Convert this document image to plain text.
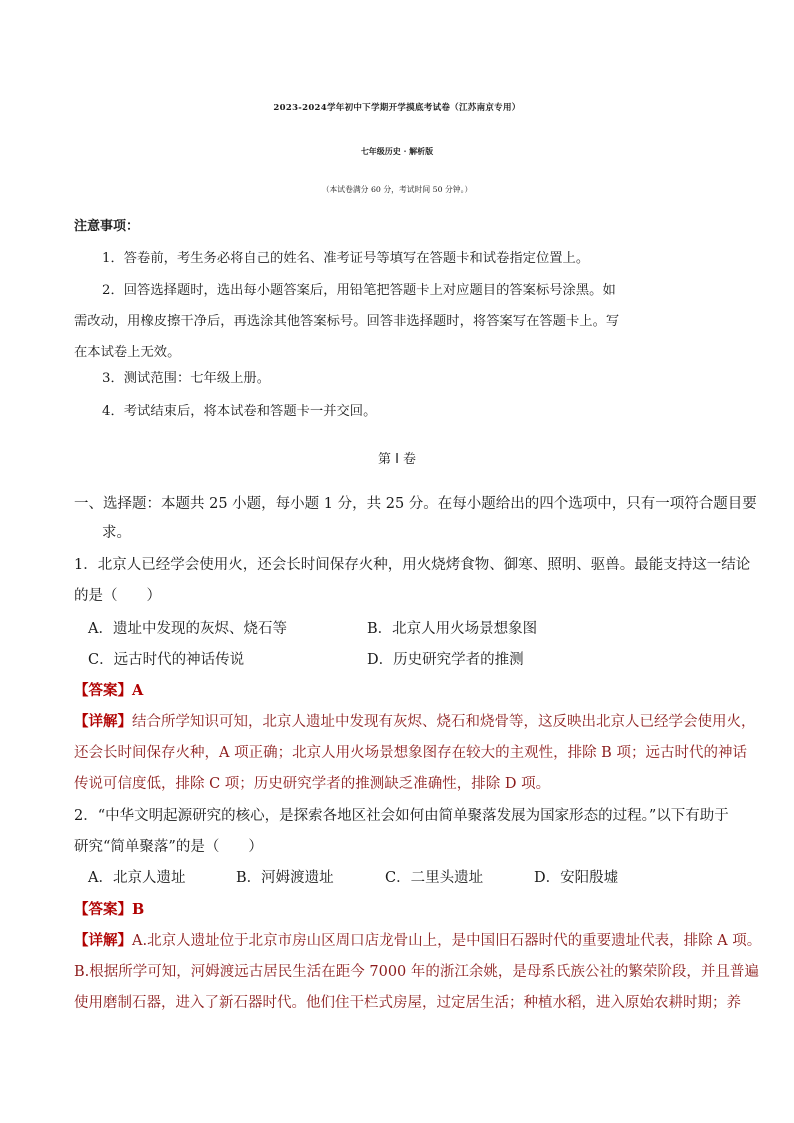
2023-2024学年初中下学期开学摸底考试卷（江苏南京专用）
七年级历史 · 解析版
（本试卷满分 60 分，考试时间 50 分钟。）
注意事项：
1．答卷前，考生务必将自己的姓名、准考证号等填写在答题卡和试卷指定位置上。
2．回答选择题时，选出每小题答案后，用铅笔把答题卡上对应题目的答案标号涂黑。如
需改动，用橡皮擦干净后，再选涂其他答案标号。回答非选择题时，将答案写在答题卡上。写
在本试卷上无效。
3．测试范围：七年级上册。
4．考试结束后，将本试卷和答题卡一并交回。
第 I 卷
一、选择题：本题共 25 小题，每小题 1 分，共 25 分。在每小题给出的四个选项中，只有一项符合题目要
求。
1．北京人已经学会使用火，还会长时间保存火种，用火烧烤食物、御寒、照明、驱兽。最能支持这一结论
的是（　　）
A．遗址中发现的灰烬、烧石等	B．北京人用火场景想象图
C．远古时代的神话传说	D．历史研究学者的推测
【答案】A
【详解】结合所学知识可知，北京人遗址中发现有灰烬、烧石和烧骨等，这反映出北京人已经学会使用火，
还会长时间保存火种，A 项正确；北京人用火场景想象图存在较大的主观性，排除 B 项；远古时代的神话
传说可信度低，排除 C 项；历史研究学者的推测缺乏准确性，排除 D 项。
2．“中华文明起源研究的核心，是探索各地区社会如何由简单聚落发展为国家形态的过程。”以下有助于
研究“简单聚落”的是（　　）
A．北京人遗址	B．河姆渡遗址	C．二里头遗址	D．安阳殷墟
【答案】B
【详解】A.北京人遗址位于北京市房山区周口店龙骨山上，是中国旧石器时代的重要遗址代表，排除 A 项。
B.根据所学可知，河姆渡远古居民生活在距今 7000 年的浙江余姚，是母系氏族公社的繁荣阶段，并且普遍
使用磨制石器，进入了新石器时代。他们住干栏式房屋，过定居生活；种植水稻，进入原始农耕时期；养
